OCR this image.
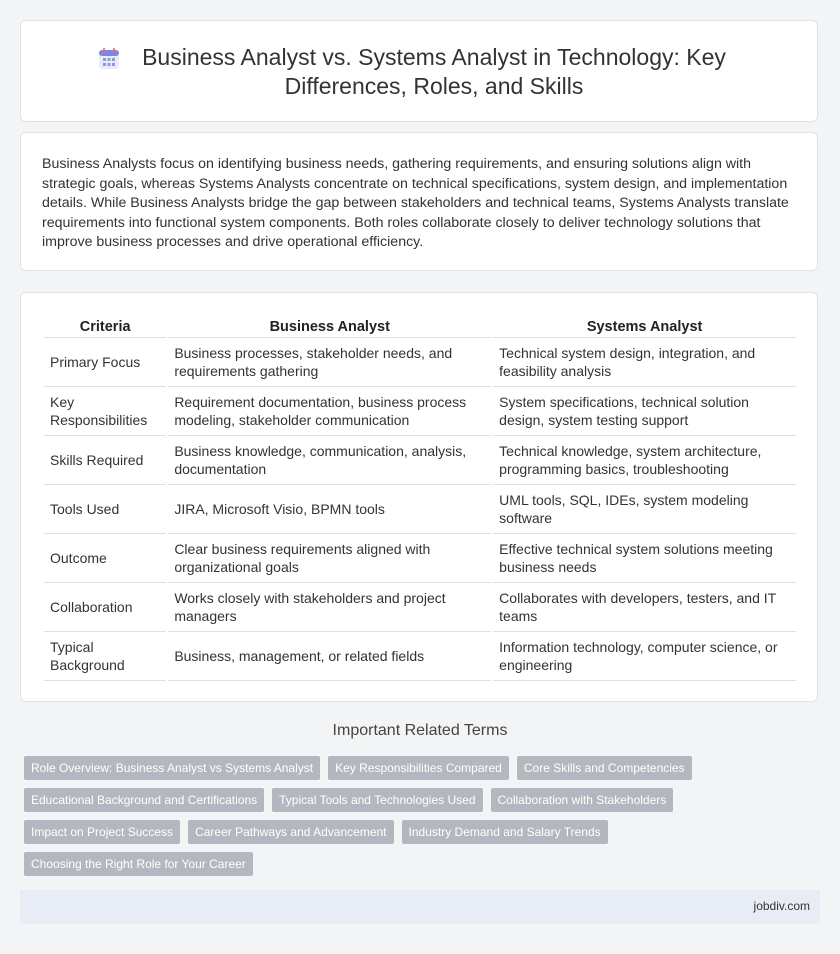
Business Analyst vs. Systems Analyst in Technology: Key Differences, Roles, and Skills

Business Analysts focus on identifying business needs, gathering requirements, and ensuring solutions align with strategic goals, whereas Systems Analysts concentrate on technical specifications, system design, and implementation details. While Business Analysts bridge the gap between stakeholders and technical teams, Systems Analysts translate requirements into functional system components. Both roles collaborate closely to deliver technology solutions that improve business processes and drive operational efficiency.

Criteria	Business Analyst	Systems Analyst
Primary Focus	Business processes, stakeholder needs, and requirements gathering	Technical system design, integration, and feasibility analysis
Key Responsibilities	Requirement documentation, business process modeling, stakeholder communication	System specifications, technical solution design, system testing support
Skills Required	Business knowledge, communication, analysis, documentation	Technical knowledge, system architecture, programming basics, troubleshooting
Tools Used	JIRA, Microsoft Visio, BPMN tools	UML tools, SQL, IDEs, system modeling software
Outcome	Clear business requirements aligned with organizational goals	Effective technical system solutions meeting business needs
Collaboration	Works closely with stakeholders and project managers	Collaborates with developers, testers, and IT teams
Typical Background	Business, management, or related fields	Information technology, computer science, or engineering
Important Related Terms
Role Overview: Business Analyst vs Systems Analyst	Key Responsibilities Compared	Core Skills and Competencies
Educational Background and Certifications	Typical Tools and Technologies Used	Collaboration with Stakeholders
Impact on Project Success	Career Pathways and Advancement	Industry Demand and Salary Trends
Choosing the Right Role for Your Career
jobdiv.com
